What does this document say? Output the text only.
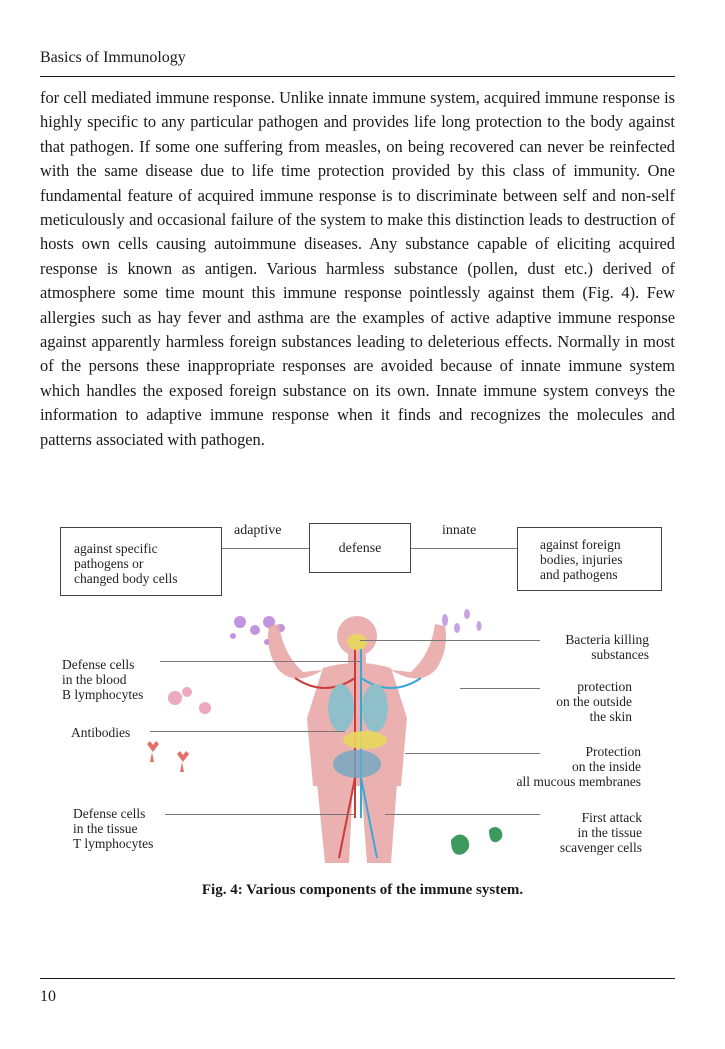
Basics of Immunology

for cell mediated immune response. Unlike innate immune system, acquired immune response is highly specific to any particular pathogen and provides life long protection to the body against that pathogen. If some one suffering from measles, on being recovered can never be reinfected with the same disease due to life time protection provided by this class of immunity. One fundamental feature of acquired immune response is to discriminate between self and non-self meticulously and occasional failure of the system to make this distinction leads to destruction of hosts own cells causing autoimmune diseases. Any substance capable of eliciting acquired response is known as antigen. Various harmless substance (pollen, dust etc.) derived of atmosphere some time mount this immune response pointlessly against them (Fig. 4). Few allergies such as hay fever and asthma are the examples of active adaptive immune response against apparently harmless foreign substances leading to deleterious effects. Normally in most of the persons these inappropriate responses are avoided because of innate immune system which handles the exposed foreign substance on its own. Innate immune system conveys the information to adaptive immune response when it finds and recognizes the molecules and patterns associated with pathogen.

against specific
pathogens or
changed body cells
adaptive
defense
innate
against foreign
bodies, injuries
and pathogens
Defense cells
in the blood
B lymphocytes
Antibodies
Defense cells
in the tissue
T lymphocytes
Bacteria killing
substances
protection
on the outside
the skin
Protection
on the inside
all mucous membranes
First attack
in the tissue
scavenger cells
Fig. 4: Various components of the immune system.
10
